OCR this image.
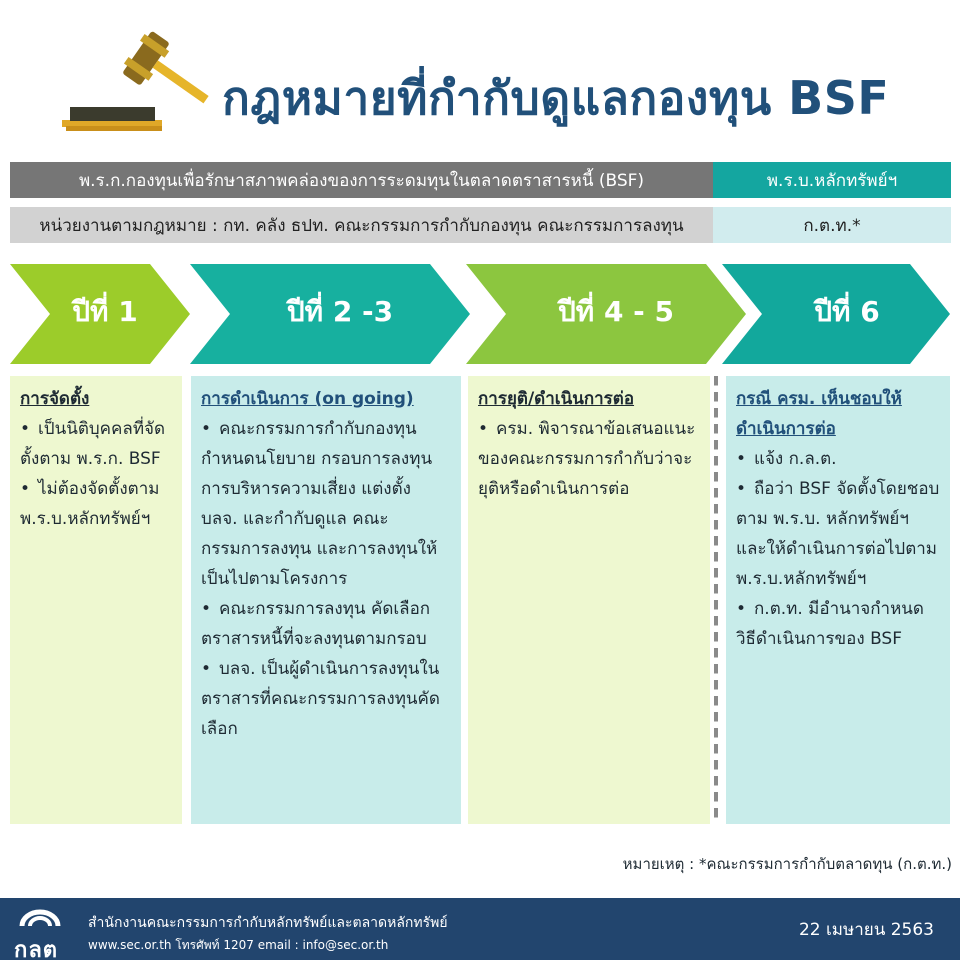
กฎหมายที่กำกับดูแลกองทุน BSF
พ.ร.ก.กองทุนเพื่อรักษาสภาพคล่องของการระดมทุนในตลาดตราสารหนี้ (BSF)	พ.ร.บ.หลักทรัพย์ฯ
หน่วยงานตามกฎหมาย : กท. คลัง ธปท. คณะกรรมการกำกับกองทุน คณะกรรมการลงทุน	ก.ต.ท.*
ปีที่ 1	ปีที่ 2 -3	ปีที่ 4 - 5	ปีที่ 6
การจัดตั้ง
• เป็นนิติบุคคลที่จัดตั้งตาม พ.ร.ก. BSF
• ไม่ต้องจัดตั้งตาม พ.ร.บ.หลักทรัพย์ฯ
การดำเนินการ (on going)
• คณะกรรมการกำกับกองทุน กำหนดนโยบาย กรอบการลงทุน การบริหารความเสี่ยง แต่งตั้ง บลจ. และกำกับดูแล คณะกรรมการลงทุน และการลงทุนให้เป็นไปตามโครงการ
• คณะกรรมการลงทุน คัดเลือกตราสารหนี้ที่จะลงทุนตามกรอบ
• บลจ. เป็นผู้ดำเนินการลงทุนในตราสารที่คณะกรรมการลงทุนคัดเลือก
การยุติ/ดำเนินการต่อ
• ครม. พิจารณาข้อเสนอแนะของคณะกรรมการกำกับว่าจะยุติหรือดำเนินการต่อ
กรณี ครม. เห็นชอบให้ดำเนินการต่อ
• แจ้ง ก.ล.ต.
• ถือว่า BSF จัดตั้งโดยชอบตาม พ.ร.บ. หลักทรัพย์ฯ และให้ดำเนินการต่อไปตาม พ.ร.บ.หลักทรัพย์ฯ
• ก.ต.ท. มีอำนาจกำหนดวิธีดำเนินการของ BSF
หมายเหตุ : *คณะกรรมการกำกับตลาดทุน (ก.ต.ท.)
กลต
สำนักงานคณะกรรมการกำกับหลักทรัพย์และตลาดหลักทรัพย์
www.sec.or.th โทรศัพท์ 1207 email : info@sec.or.th
22 เมษายน 2563
